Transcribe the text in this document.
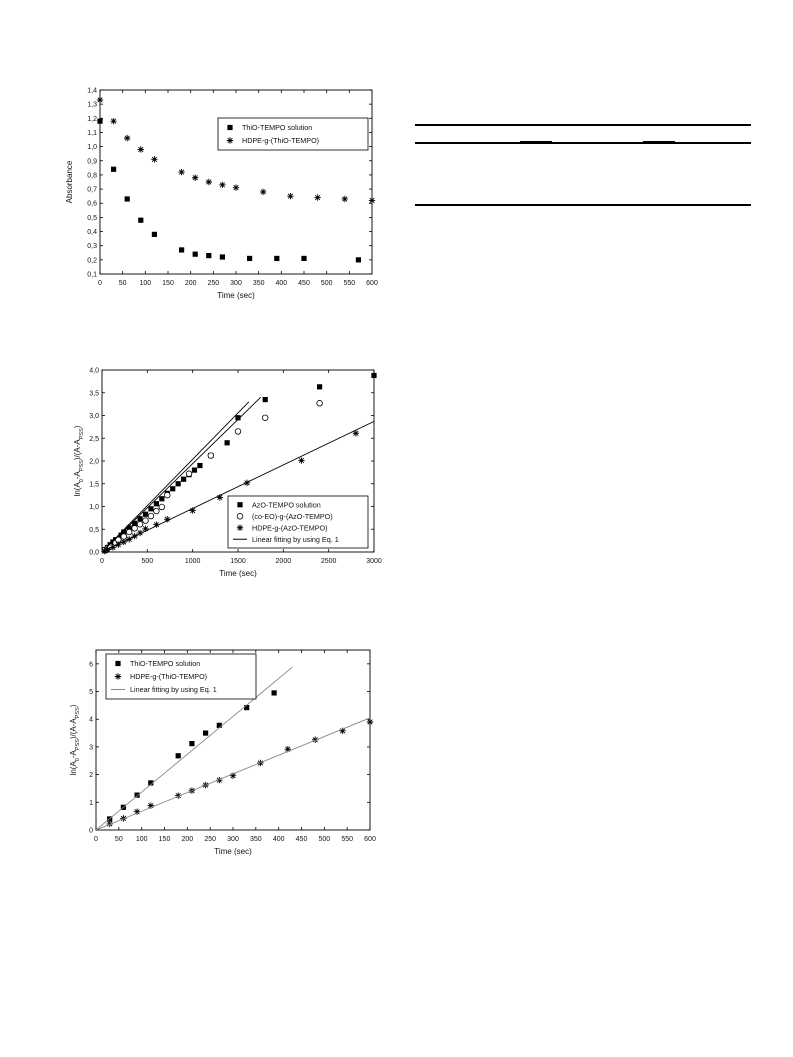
0 50 100 150 200 250 300 350 400 450 500 550 600
0,1
0,2
0,3
0,4
0,5
0,6
0,7
0,8
0,9
1,0
1,1
1,2
1,3
1,4
Time (sec)
Absorbance
ThiO-TEMPO solution
HDPE-g-(ThiO-TEMPO)
0	500	1000	1500	2000	2500	3000
0,0
0,5
1,0
1,5
2,0
2,5
3,0
3,5
4,0
Time (sec)
$\ln(A_0-A_{PSS})/(A-A_{PSS})$
AzO-TEMPO solution
(co-EO)-g-(AzO-TEMPO)
HDPE-g-(AzO-TEMPO)
Linear fitting by using Eq. 1
0 50 100 150 200 250 300 350 400 450 500 550 600
0
1
2
3
4
5
6
Time (sec)
$\ln(A_0-A_{PSS})/(A-A_{PSS})$
ThiO-TEMPO solution
HDPE-g-(ThiO-TEMPO)
Linear fitting by using Eq. 1
